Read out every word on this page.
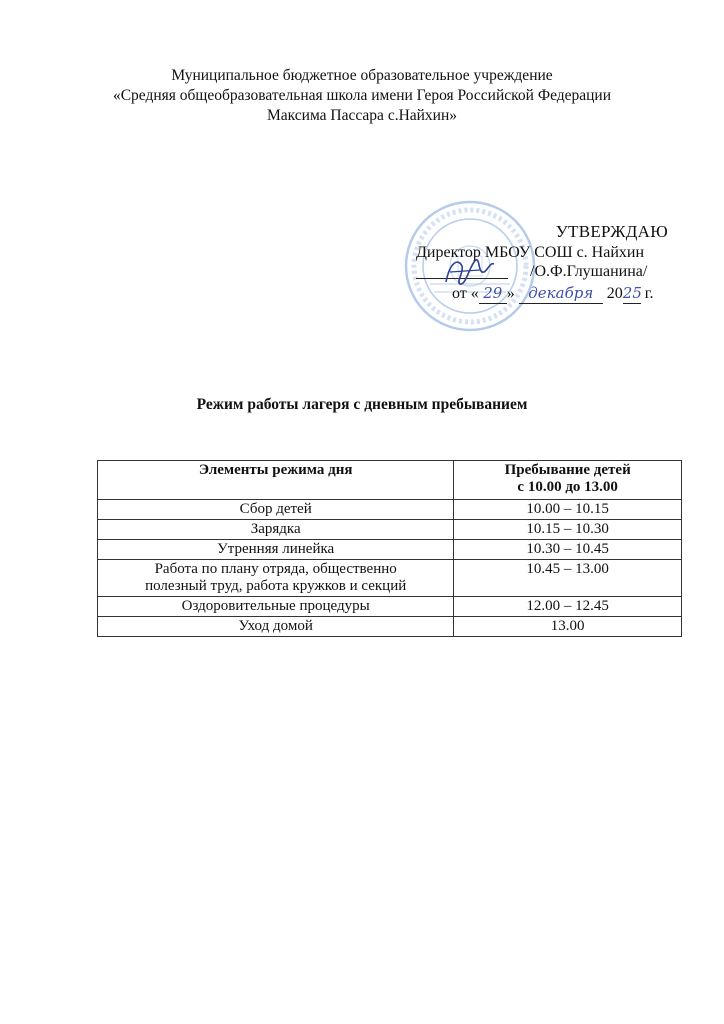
Муниципальное бюджетное образовательное учреждение
«Средняя общеобразовательная школа имени Героя Российской Федерации
Максима Пассара с.Найхин»
УТВЕРЖДАЮ
Директор МБОУ СОШ с. Найхин
/О.Ф.Глушанина/
от « 29 » декабря 2025 г.
Режим работы лагеря с дневным пребыванием
Элементы режима дня	Пребывание детей
с 10.00 до 13.00

Сбор детей	10.00 – 10.15
Зарядка	10.15 – 10.30
Утренняя линейка	10.30 – 10.45

Работа по плану отряда, общественно
полезный труд, работа кружков и секций	10.45 – 13.00
Оздоровительные процедуры	12.00 – 12.45
Уход домой	13.00
